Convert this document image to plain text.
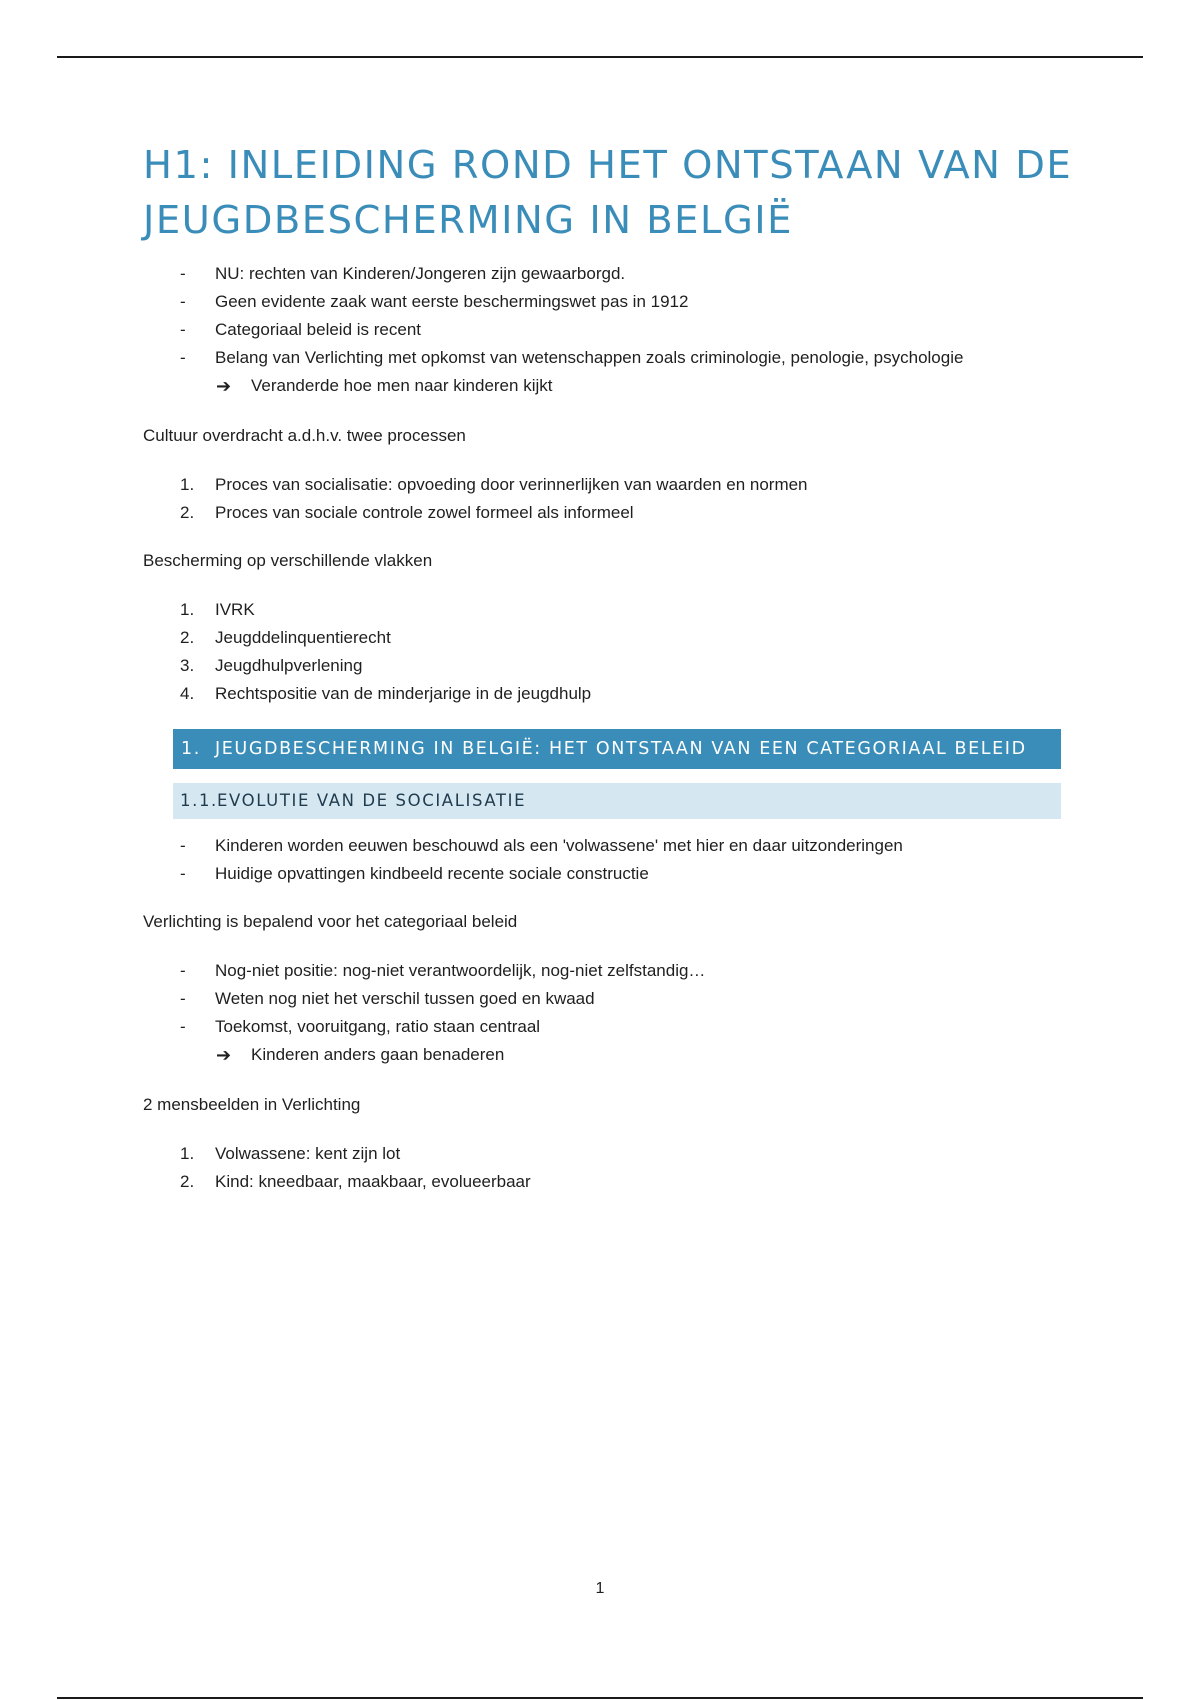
H1: INLEIDING ROND HET ONTSTAAN VAN DE JEUGDBESCHERMING IN BELGIË
-	NU: rechten van Kinderen/Jongeren zijn gewaarborgd.
-	Geen evidente zaak want eerste beschermingswet pas in 1912
-	Categoriaal beleid is recent
-	Belang van Verlichting met opkomst van wetenschappen zoals criminologie, penologie, psychologie
➔ Veranderde hoe men naar kinderen kijkt
Cultuur overdracht a.d.h.v. twee processen
1.	Proces van socialisatie: opvoeding door verinnerlijken van waarden en normen
2.	Proces van sociale controle zowel formeel als informeel
Bescherming op verschillende vlakken
1.	IVRK
2.	Jeugddelinquentierecht
3.	Jeugdhulpverlening
4.	Rechtspositie van de minderjarige in de jeugdhulp
1. JEUGDBESCHERMING IN BELGIË: HET ONTSTAAN VAN EEN CATEGORIAAL BELEID
1.1. EVOLUTIE VAN DE SOCIALISATIE
-	Kinderen worden eeuwen beschouwd als een 'volwassene' met hier en daar uitzonderingen
-	Huidige opvattingen kindbeeld recente sociale constructie
Verlichting is bepalend voor het categoriaal beleid
-	Nog-niet positie: nog-niet verantwoordelijk, nog-niet zelfstandig…
-	Weten nog niet het verschil tussen goed en kwaad
-	Toekomst, vooruitgang, ratio staan centraal
➔ Kinderen anders gaan benaderen
2 mensbeelden in Verlichting
1.	Volwassene: kent zijn lot
2.	Kind: kneedbaar, maakbaar, evolueerbaar
1
